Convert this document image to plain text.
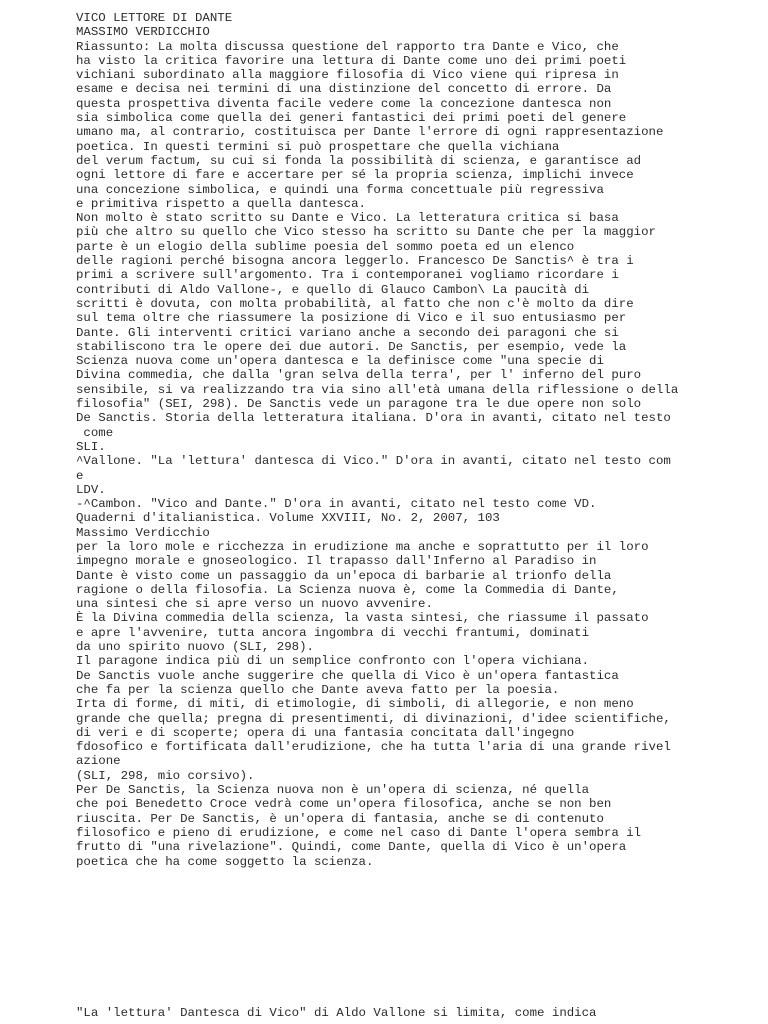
VICO LETTORE DI DANTE
MASSIMO VERDICCHIO
Riassunto: La molta discussa questione del rapporto tra Dante e Vico, che
ha visto la critica favorire una lettura di Dante come uno dei primi poeti
vichiani subordinato alla maggiore filosofia di Vico viene qui ripresa in
esame e decisa nei termini di una distinzione del concetto di errore. Da
questa prospettiva diventa facile vedere come la concezione dantesca non
sia simbolica come quella dei generi fantastici dei primi poeti del genere
umano ma, al contrario, costituisca per Dante l'errore di ogni rappresentazione
poetica. In questi termini si può prospettare che quella vichiana
del verum factum, su cui si fonda la possibilità di scienza, e garantisce ad
ogni lettore di fare e accertare per sé la propria scienza, implichi invece
una concezione simbolica, e quindi una forma concettuale più regressiva
e primitiva rispetto a quella dantesca.
Non molto è stato scritto su Dante e Vico. La letteratura critica si basa
più che altro su quello che Vico stesso ha scritto su Dante che per la maggior
parte è un elogio della sublime poesia del sommo poeta ed un elenco
delle ragioni perché bisogna ancora leggerlo. Francesco De Sanctis^ è tra i
primi a scrivere sull'argomento. Tra i contemporanei vogliamo ricordare i
contributi di Aldo Vallone-, e quello di Glauco Cambon\ La paucità di
scritti è dovuta, con molta probabilità, al fatto che non c'è molto da dire
sul tema oltre che riassumere la posizione di Vico e il suo entusiasmo per
Dante. Gli interventi critici variano anche a secondo dei paragoni che si
stabiliscono tra le opere dei due autori. De Sanctis, per esempio, vede la
Scienza nuova come un'opera dantesca e la definisce come "una specie di
Divina commedia, che dalla 'gran selva della terra', per l' inferno del puro
sensibile, si va realizzando tra via sino all'età umana della riflessione o della
filosofia" (SEI, 298). De Sanctis vede un paragone tra le due opere non solo
De Sanctis. Storia della letteratura italiana. D'ora in avanti, citato nel testo
come
SLI.
^Vallone. "La 'lettura' dantesca di Vico." D'ora in avanti, citato nel testo com
e
LDV.
-^Cambon. "Vico and Dante." D'ora in avanti, citato nel testo come VD.
Quaderni d'italianistica. Volume XXVIII, No. 2, 2007, 103
Massimo Verdicchio
per la loro mole e ricchezza in erudizione ma anche e soprattutto per il loro
impegno morale e gnoseologico. Il trapasso dall'Inferno al Paradiso in
Dante è visto come un passaggio da un'epoca di barbarie al trionfo della
ragione o della filosofia. La Scienza nuova è, come la Commedia di Dante,
una sintesi che si apre verso un nuovo avvenire.
È la Divina commedia della scienza, la vasta sintesi, che riassume il passato
e apre l'avvenire, tutta ancora ingombra di vecchi frantumi, dominati
da uno spirito nuovo (SLI, 298).
Il paragone indica più di un semplice confronto con l'opera vichiana.
De Sanctis vuole anche suggerire che quella di Vico è un'opera fantastica
che fa per la scienza quello che Dante aveva fatto per la poesia.
Irta di forme, di miti, di etimologie, di simboli, di allegorie, e non meno
grande che quella; pregna di presentimenti, di divinazioni, d'idee scientifiche,
di veri e di scoperte; opera di una fantasia concitata dall'ingegno
fdosofico e fortificata dall'erudizione, che ha tutta l'aria di una grande rivel
azione
(SLI, 298, mio corsivo).
Per De Sanctis, la Scienza nuova non è un'opera di scienza, né quella
che poi Benedetto Croce vedrà come un'opera filosofica, anche se non ben
riuscita. Per De Sanctis, è un'opera di fantasia, anche se di contenuto
filosofico e pieno di erudizione, e come nel caso di Dante l'opera sembra il
frutto di "una rivelazione". Quindi, come Dante, quella di Vico è un'opera
poetica che ha come soggetto la scienza.
"La 'lettura' Dantesca di Vico" di Aldo Vallone si limita, come indica
